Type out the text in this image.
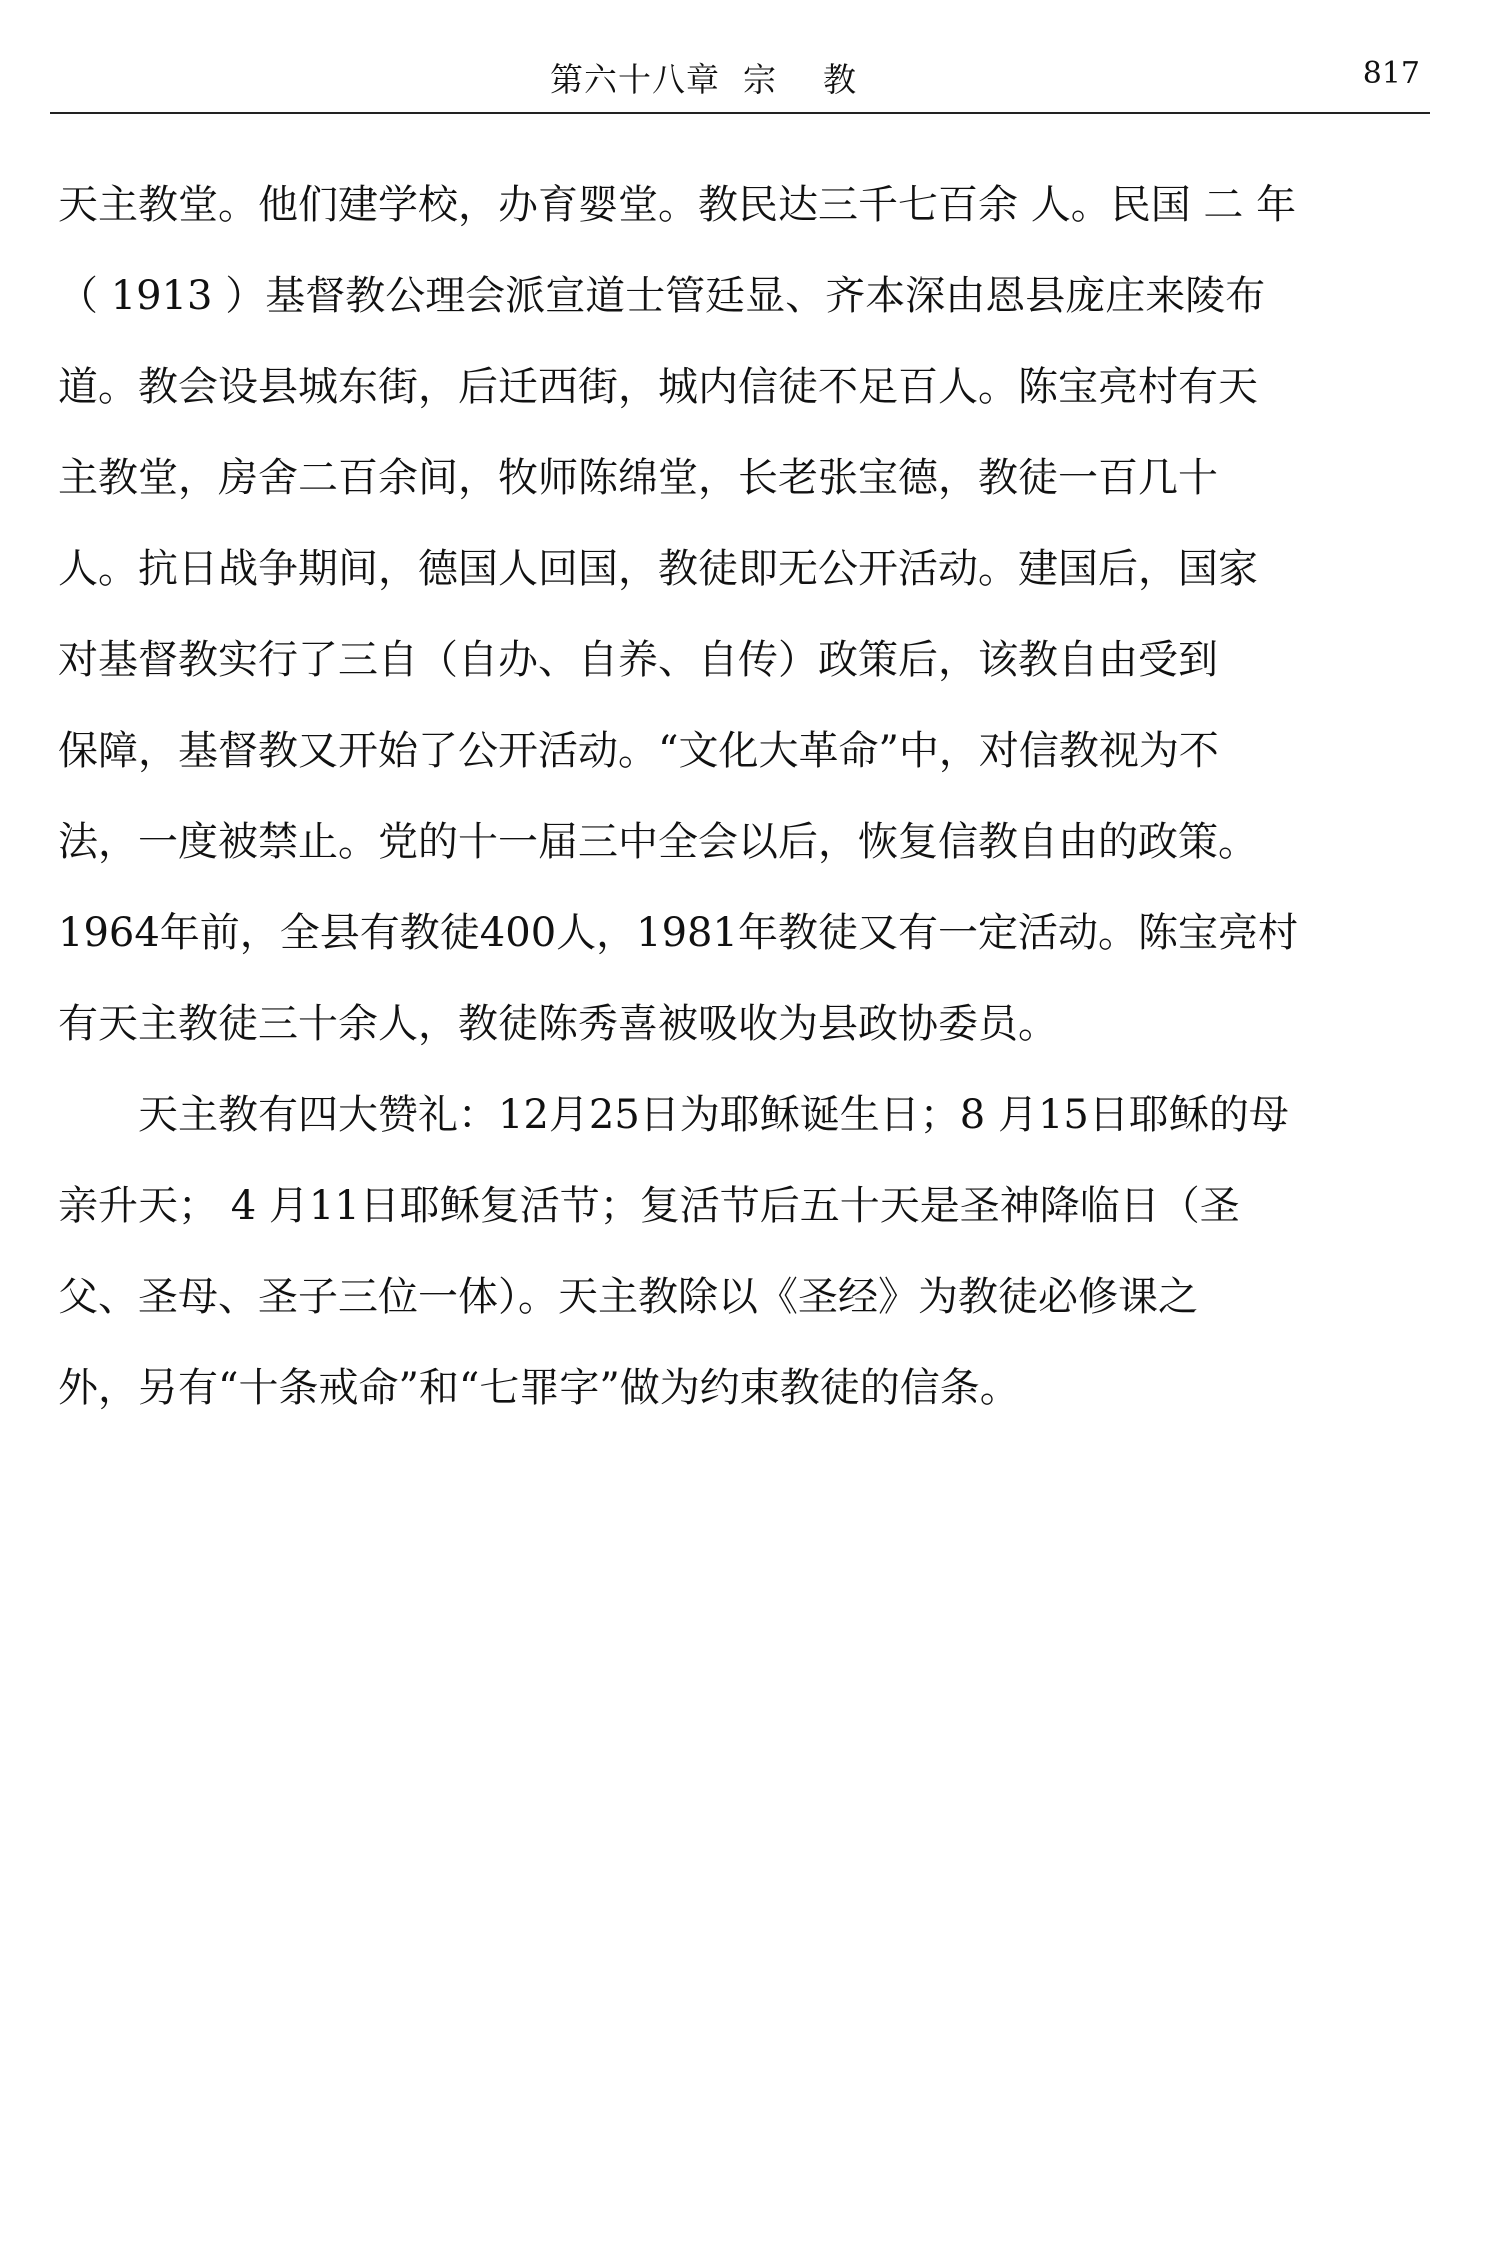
第六十八章  宗    教	817
天主教堂。他们建学校，办育婴堂。教民达三千七百余 人。民国 二 年
（ 1913 ）基督教公理会派宣道士管廷显、齐本深由恩县庞庄来陵布
道。教会设县城东街，后迁西街，城内信徒不足百人。陈宝亮村有天
主教堂，房舍二百余间，牧师陈绵堂，长老张宝德，教徒一百几十
人。抗日战争期间，德国人回国，教徒即无公开活动。建国后，国家
对基督教实行了三自（自办、自养、自传）政策后，该教自由受到
保障，基督教又开始了公开活动。“文化大革命”中，对信教视为不
法，一度被禁止。党的十一届三中全会以后，恢复信教自由的政策。
1964年前，全县有教徒400人，1981年教徒又有一定活动。陈宝亮村
有天主教徒三十余人，教徒陈秀喜被吸收为县政协委员。
天主教有四大赞礼：12月25日为耶稣诞生日；8 月15日耶稣的母
亲升天； 4 月11日耶稣复活节；复活节后五十天是圣神降临日（圣
父、圣母、圣子三位一体）。天主教除以《圣经》为教徒必修课之
外，另有“十条戒命”和“七罪字”做为约束教徒的信条。
